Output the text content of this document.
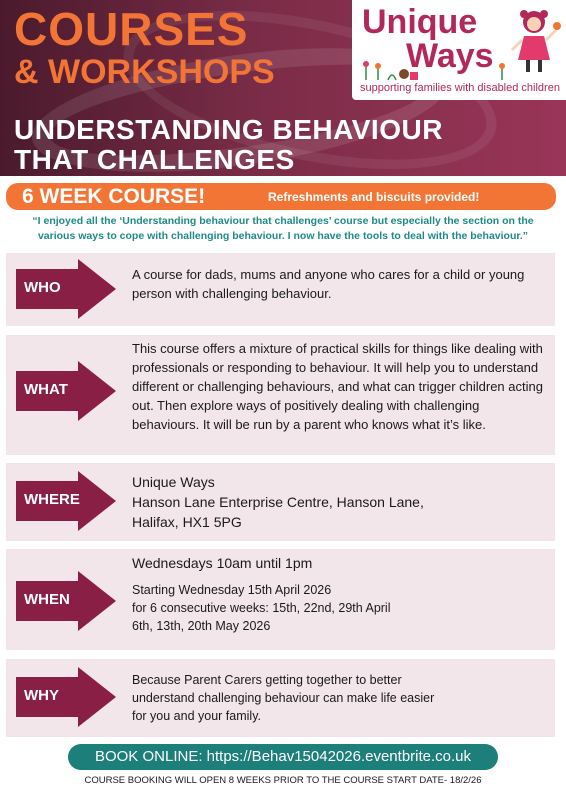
COURSES
& WORKSHOPS
Unique
Ways
supporting families with disabled children
UNDERSTANDING BEHAVIOUR
THAT CHALLENGES
6 WEEK COURSE!	Refreshments and biscuits provided!
“I enjoyed all the ‘Understanding behaviour that challenges’ course but especially the section on the various ways to cope with challenging behaviour. I now have the tools to deal with the behaviour.”
WHO

A course for dads, mums and anyone who cares for a child or young person with challenging behaviour.

WHAT

This course offers a mixture of practical skills for things like dealing with professionals or responding to behaviour. It will help you to understand different or challenging behaviours, and what can trigger children acting out. Then explore ways of positively dealing with challenging behaviours. It will be run by a parent who knows what it’s like.

WHERE

Unique Ways

Hanson Lane Enterprise Centre, Hanson Lane,

Halifax, HX1 5PG

WHEN

Wednesdays 10am until 1pm

Starting Wednesday 15th April 2026

for 6 consecutive weeks: 15th, 22nd, 29th April

6th, 13th, 20th May 2026

WHY

Because Parent Carers getting together to better

understand challenging behaviour can make life easier

for you and your family.

BOOK ONLINE: https://Behav15042026.eventbrite.co.uk
COURSE BOOKING WILL OPEN 8 WEEKS PRIOR TO THE COURSE START DATE- 18/2/26
